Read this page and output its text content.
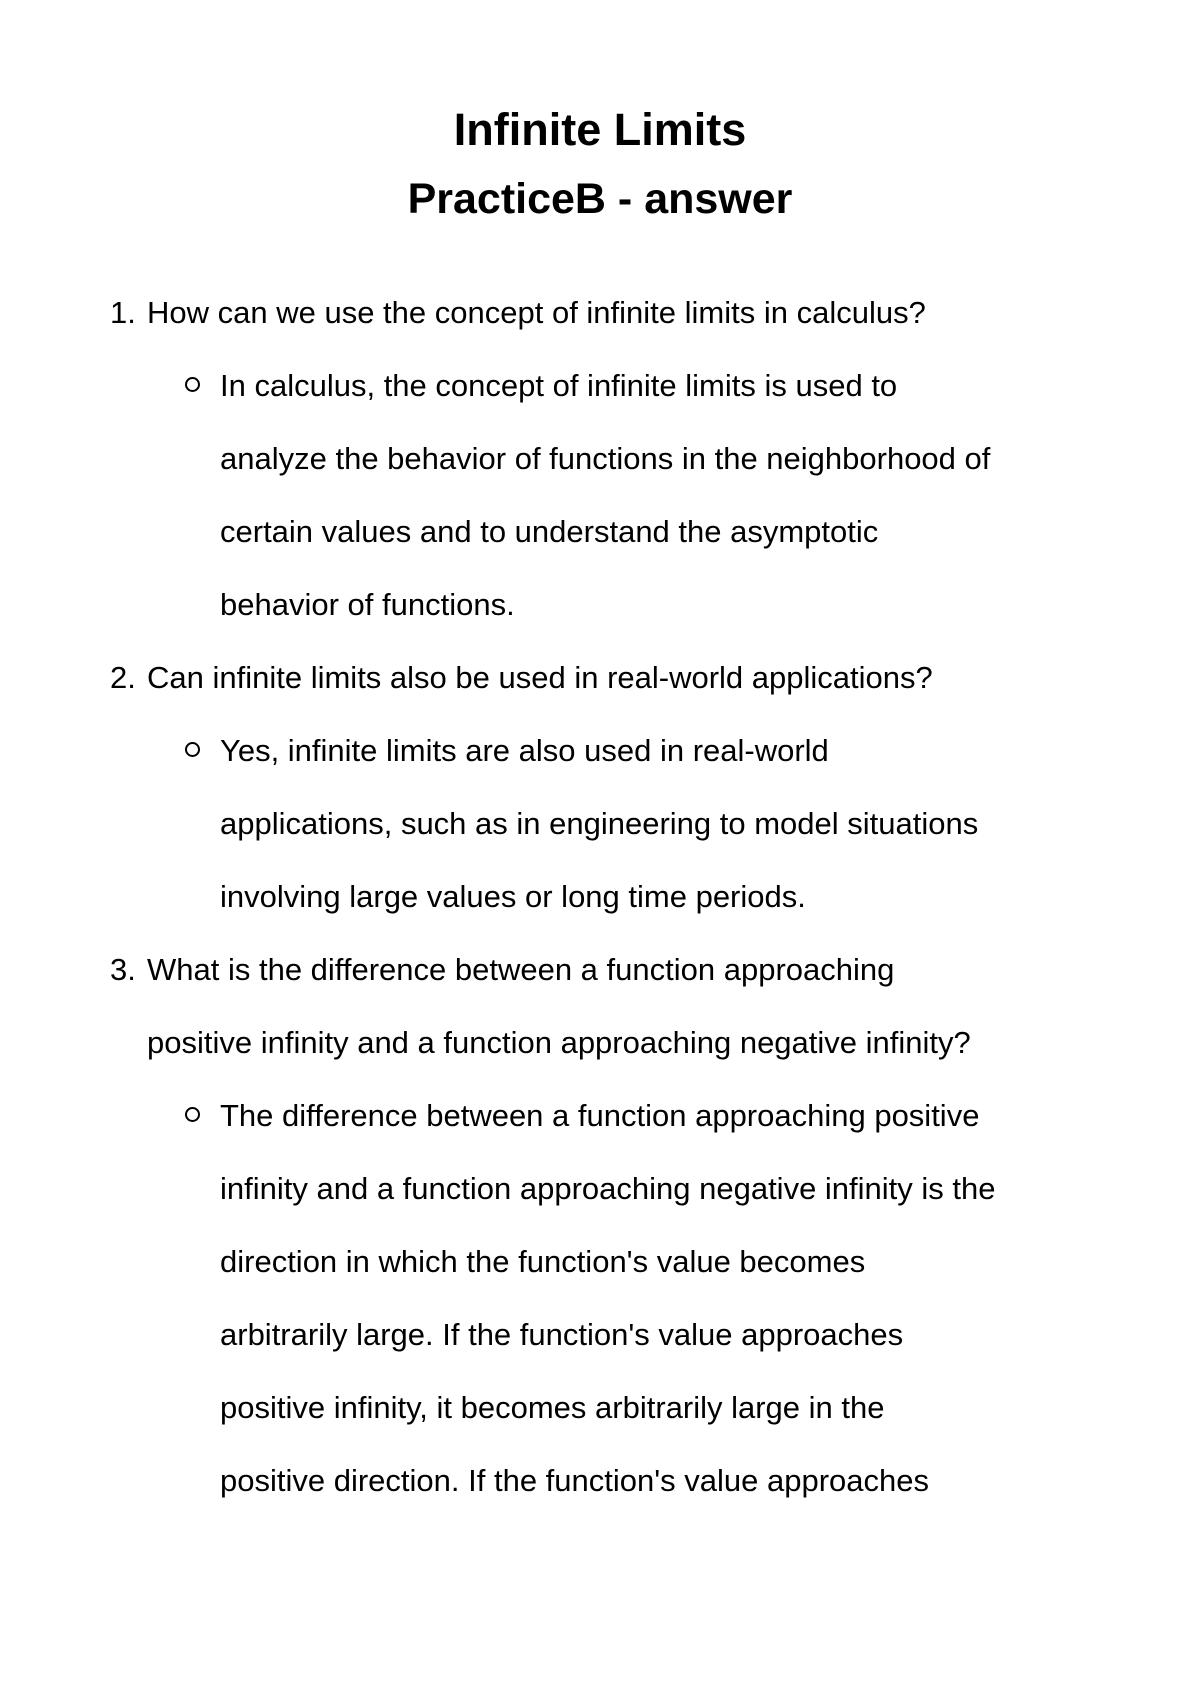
Infinite Limits
PracticeB - answer
1. How can we use the concept of infinite limits in calculus?
In calculus, the concept of infinite limits is used to
analyze the behavior of functions in the neighborhood of
certain values and to understand the asymptotic
behavior of functions.
2. Can infinite limits also be used in real-world applications?
Yes, infinite limits are also used in real-world
applications, such as in engineering to model situations
involving large values or long time periods.
3. What is the difference between a function approaching
positive infinity and a function approaching negative infinity?
The difference between a function approaching positive
infinity and a function approaching negative infinity is the
direction in which the function's value becomes
arbitrarily large. If the function's value approaches
positive infinity, it becomes arbitrarily large in the
positive direction. If the function's value approaches
